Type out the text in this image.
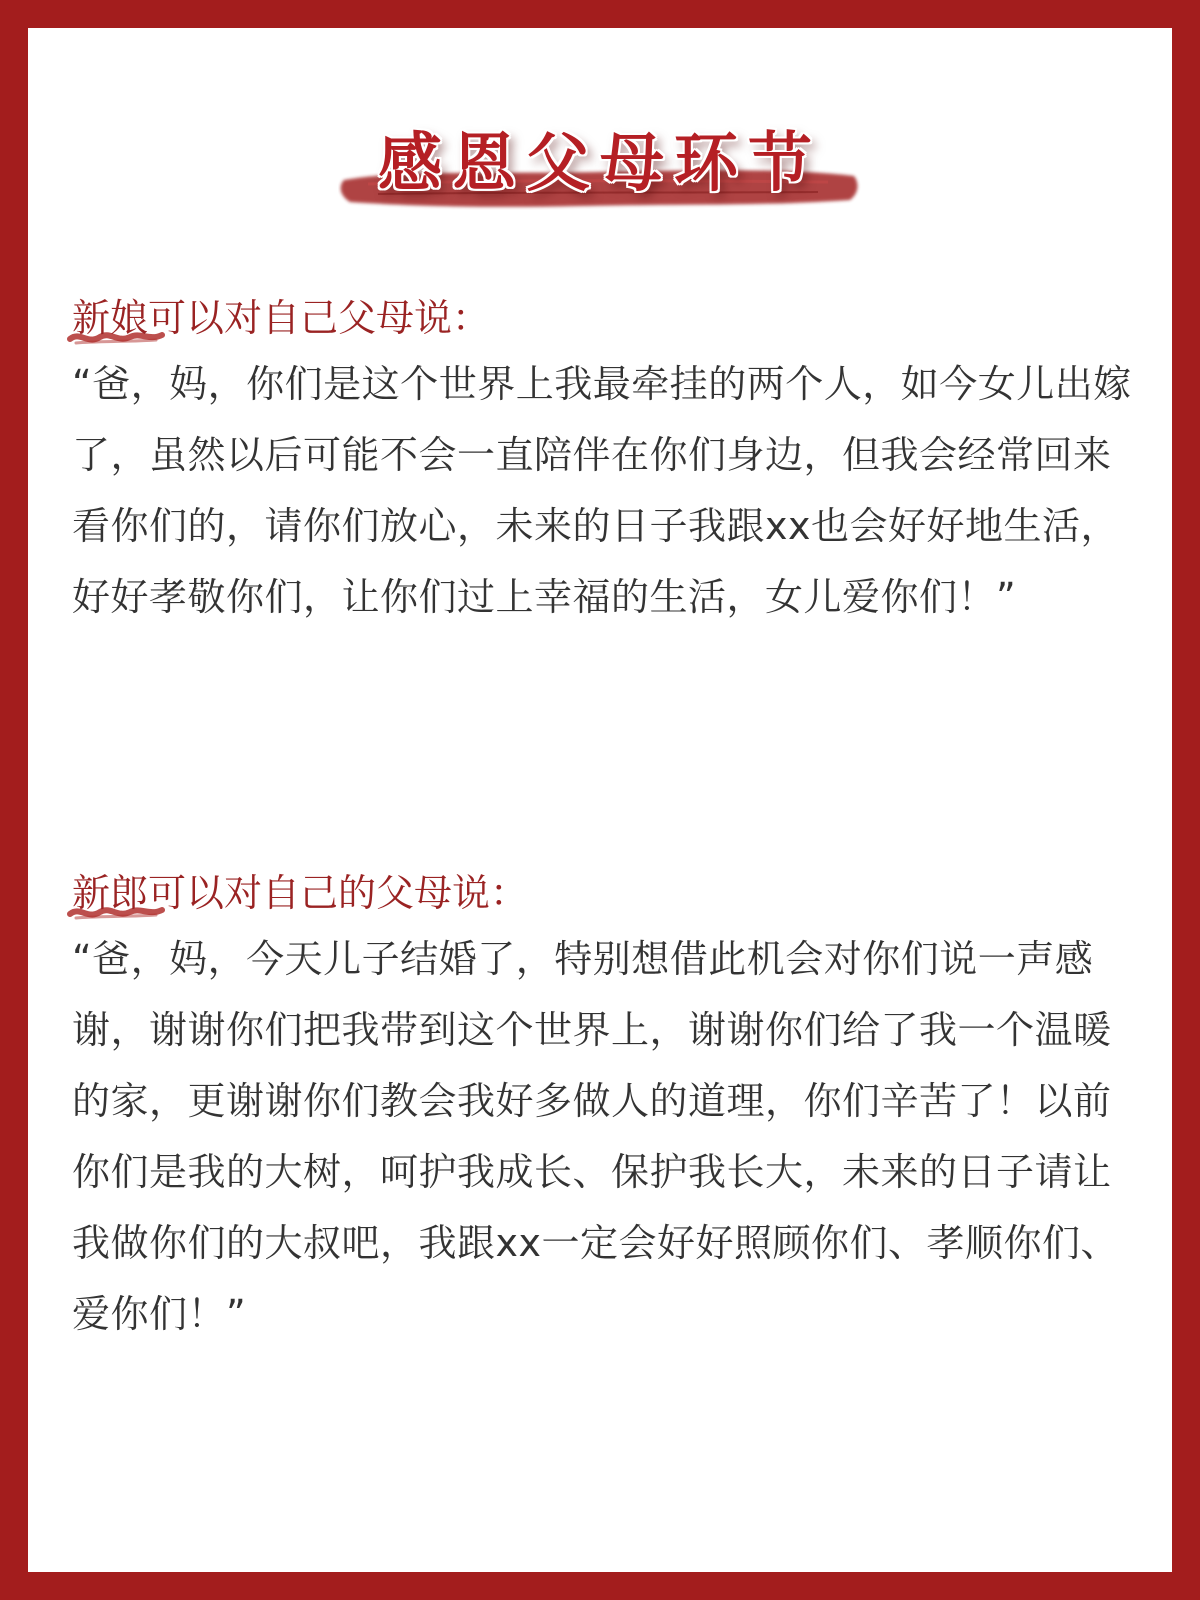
感恩父母环节
新娘可以对自己父母说：

“爸，妈，你们是这个世界上我最牵挂的两个人，如今女儿出嫁了，虽然以后可能不会一直陪伴在你们身边，但我会经常回来看你们的，请你们放心，未来的日子我跟xx也会好好地生活，好好孝敬你们，让你们过上幸福的生活，女儿爱你们！”

新郎可以对自己的父母说：

“爸，妈，今天儿子结婚了，特别想借此机会对你们说一声感谢，谢谢你们把我带到这个世界上，谢谢你们给了我一个温暖的家，更谢谢你们教会我好多做人的道理，你们辛苦了！以前你们是我的大树，呵护我成长、保护我长大，未来的日子请让我做你们的大叔吧，我跟xx一定会好好照顾你们、孝顺你们、爱你们！”
